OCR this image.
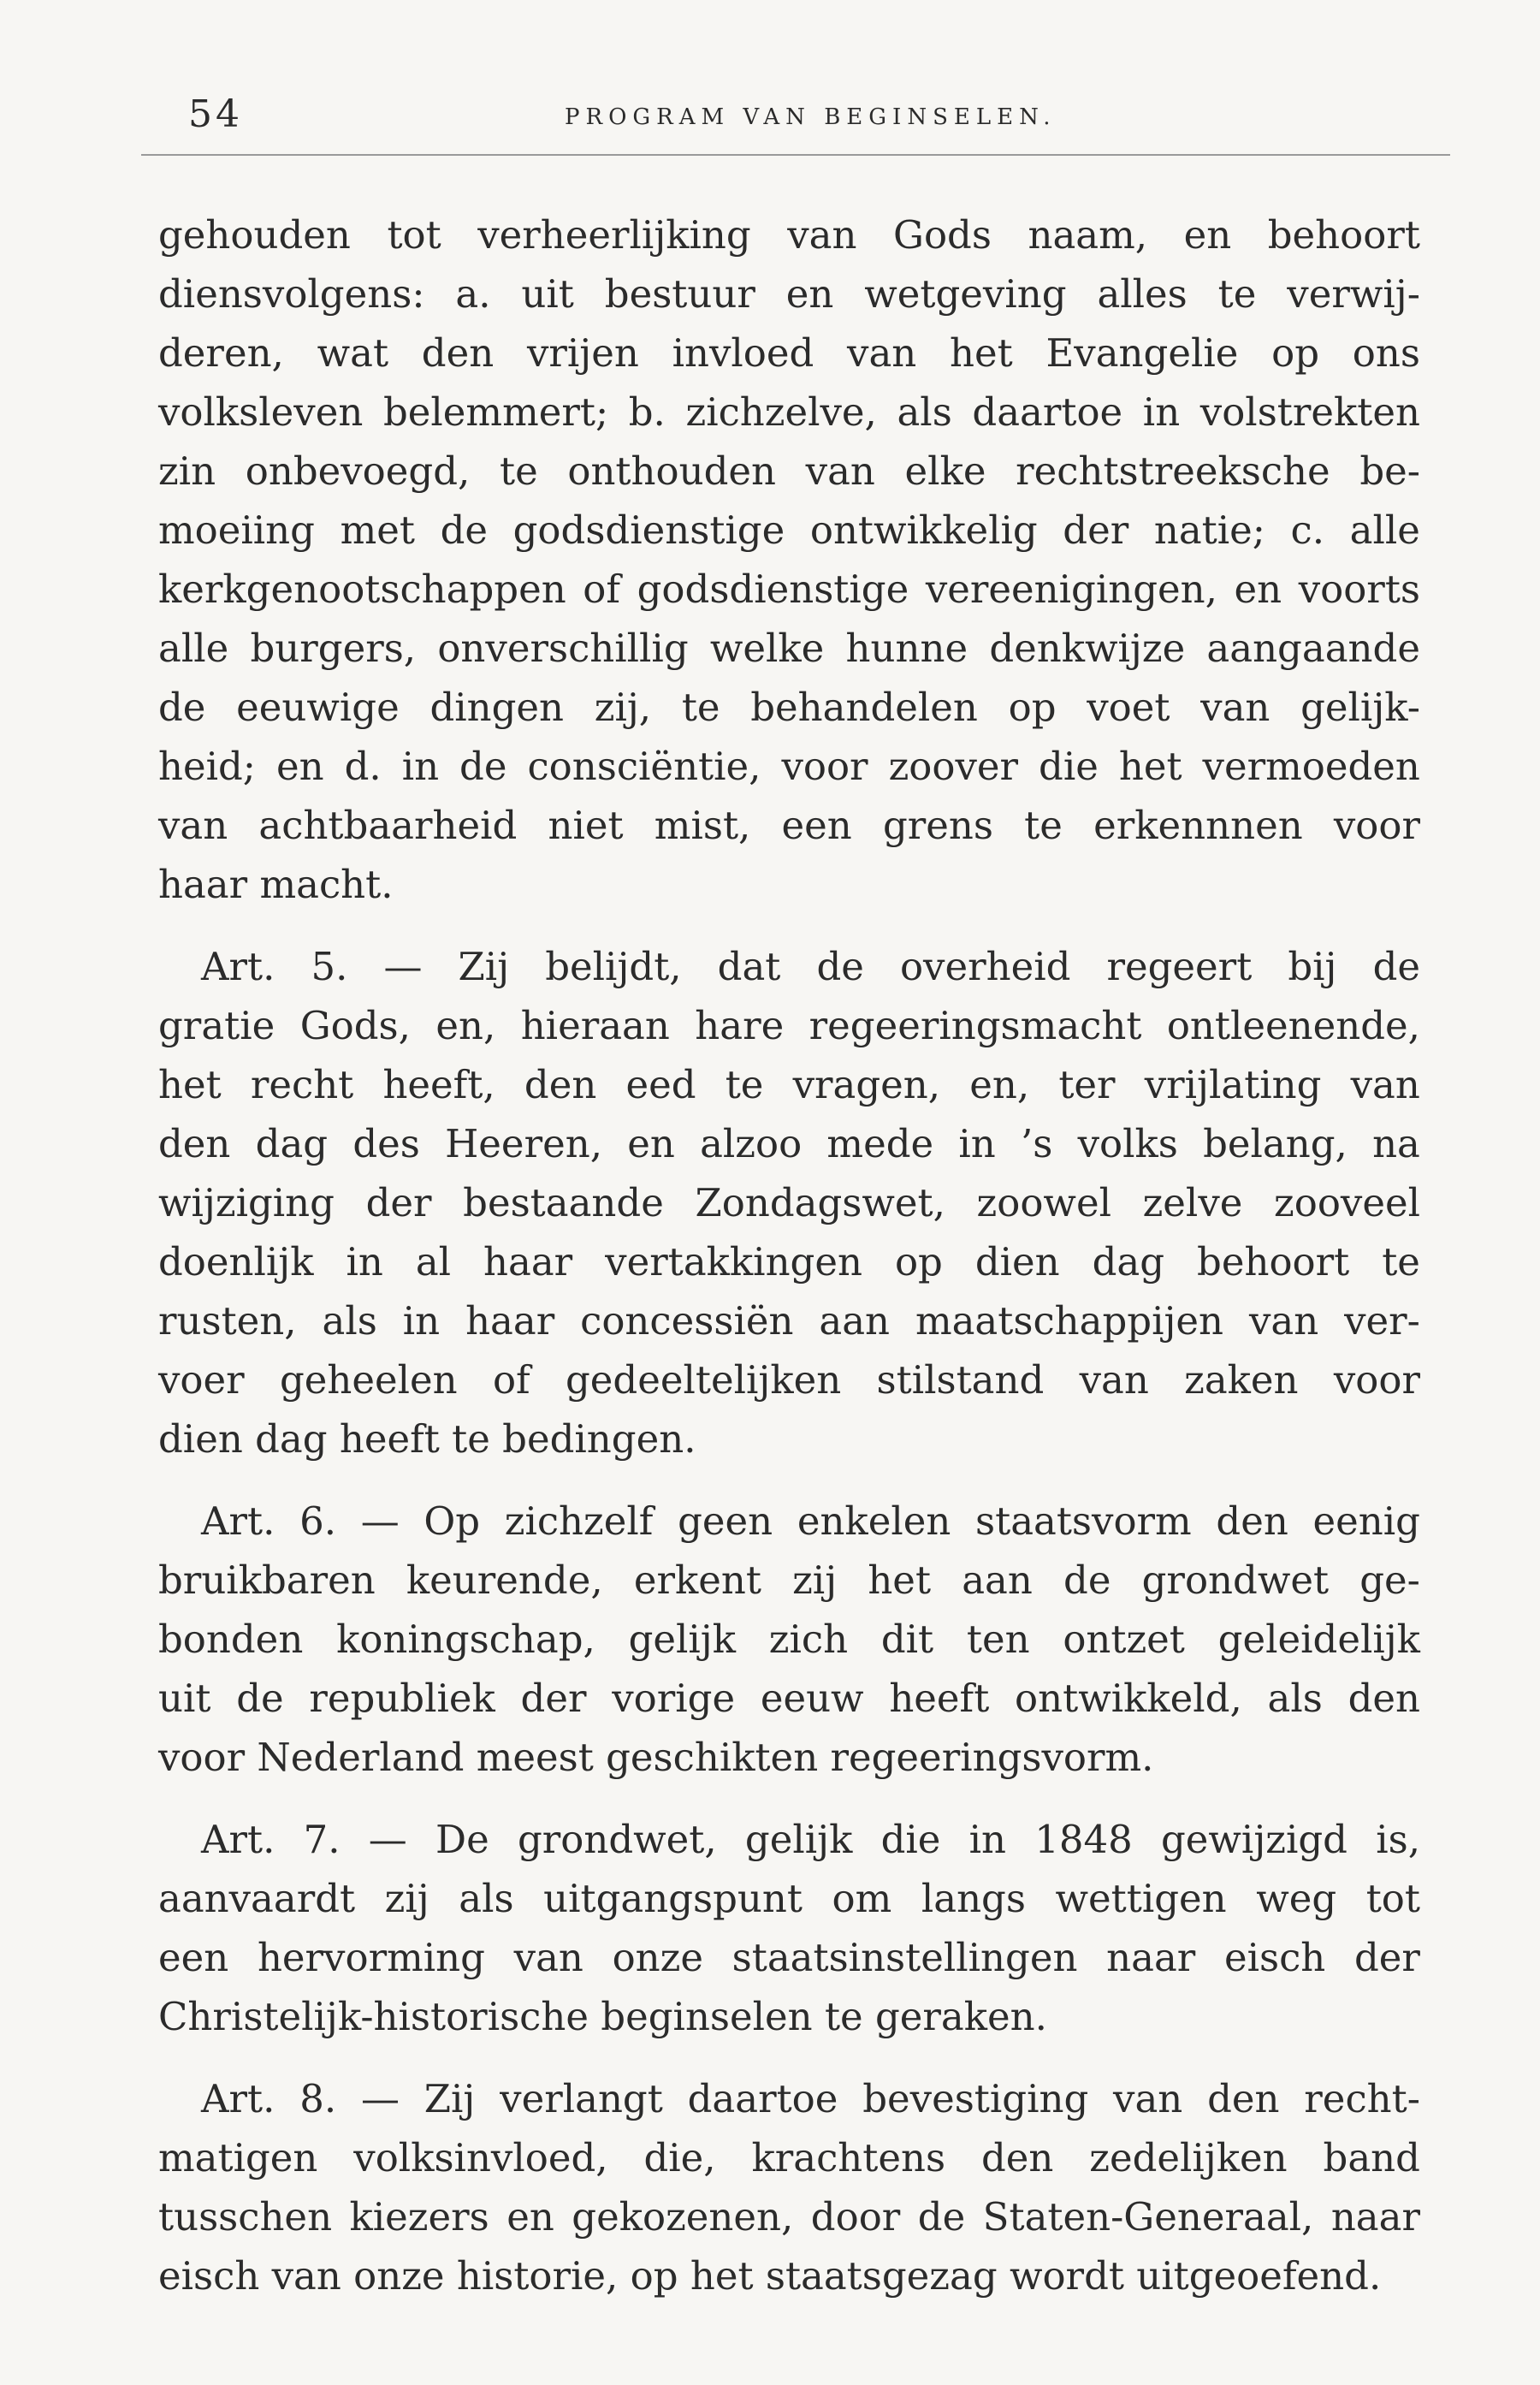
54	PROGRAM VAN BEGINSELEN.
gehouden tot verheerlijking van Gods naam, en behoort
diensvolgens: a. uit bestuur en wetgeving alles te verwij-
deren, wat den vrijen invloed van het Evangelie op ons
volksleven belemmert; b. zichzelve, als daartoe in volstrekten
zin onbevoegd, te onthouden van elke rechtstreeksche be-
moeiing met de godsdienstige ontwikkelig der natie; c. alle
kerkgenootschappen of godsdienstige vereenigingen, en voorts
alle burgers, onverschillig welke hunne denkwijze aangaande
de eeuwige dingen zij, te behandelen op voet van gelijk-
heid; en d. in de consciëntie, voor zoover die het vermoeden
van achtbaarheid niet mist, een grens te erkennnen voor
haar macht.
Art. 5. — Zij belijdt, dat de overheid regeert bij de
gratie Gods, en, hieraan hare regeeringsmacht ontleenende,
het recht heeft, den eed te vragen, en, ter vrijlating van
den dag des Heeren, en alzoo mede in ’s volks belang, na
wijziging der bestaande Zondagswet, zoowel zelve zooveel
doenlijk in al haar vertakkingen op dien dag behoort te
rusten, als in haar concessiën aan maatschappijen van ver-
voer geheelen of gedeeltelijken stilstand van zaken voor
dien dag heeft te bedingen.
Art. 6. — Op zichzelf geen enkelen staatsvorm den eenig
bruikbaren keurende, erkent zij het aan de grondwet ge-
bonden koningschap, gelijk zich dit ten ontzet geleidelijk
uit de republiek der vorige eeuw heeft ontwikkeld, als den
voor Nederland meest geschikten regeeringsvorm.
Art. 7. — De grondwet, gelijk die in 1848 gewijzigd is,
aanvaardt zij als uitgangspunt om langs wettigen weg tot
een hervorming van onze staatsinstellingen naar eisch der
Christelijk-historische beginselen te geraken.
Art. 8. — Zij verlangt daartoe bevestiging van den recht-
matigen volksinvloed, die, krachtens den zedelijken band
tusschen kiezers en gekozenen, door de Staten-Generaal, naar
eisch van onze historie, op het staatsgezag wordt uitgeoefend.
